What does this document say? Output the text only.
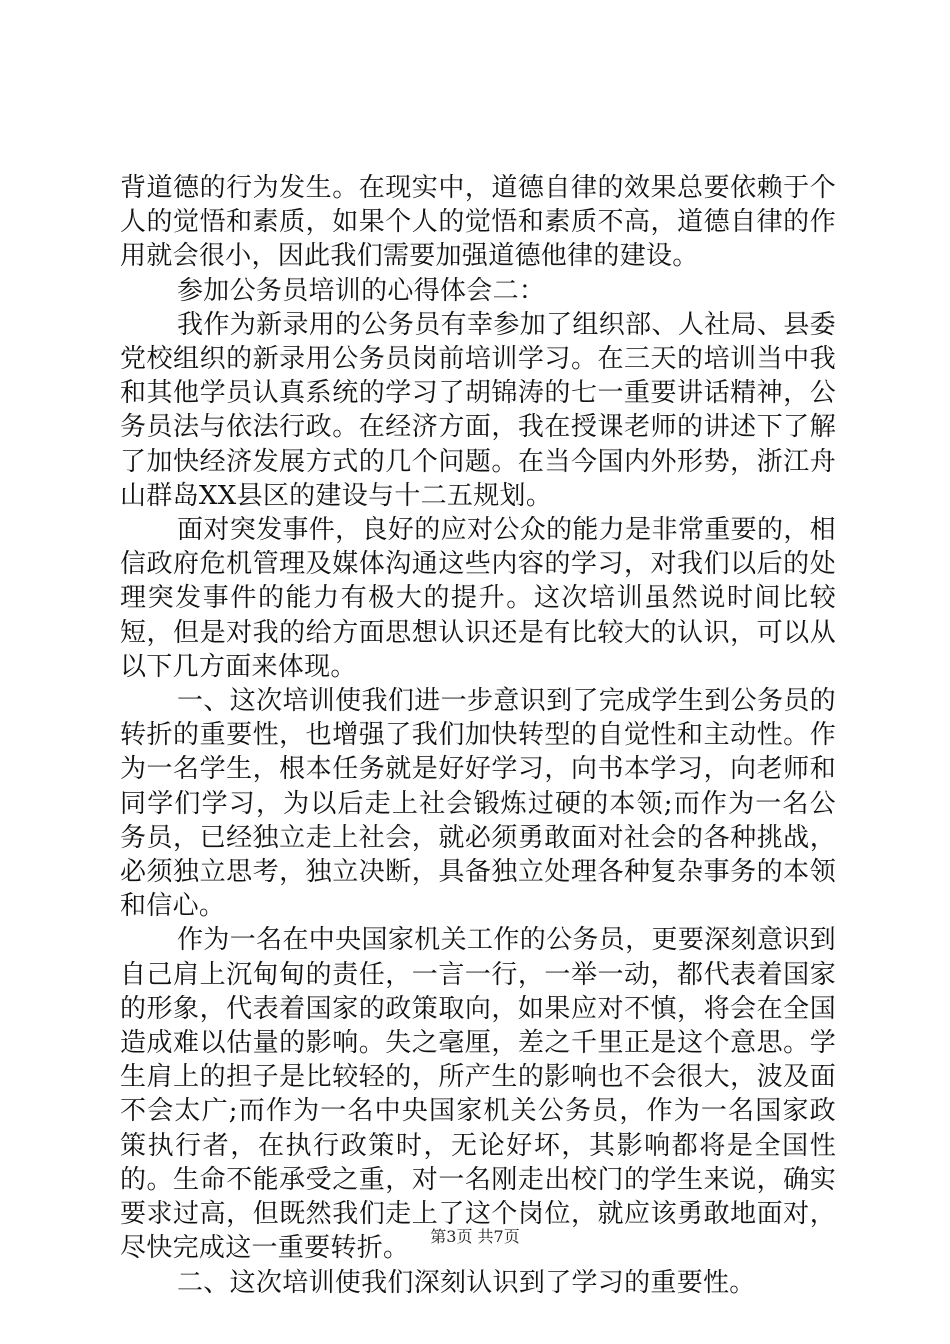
背道德的行为发生。在现实中，道德自律的效果总要依赖于个人的觉悟和素质，如果个人的觉悟和素质不高，道德自律的作用就会很小，因此我们需要加强道德他律的建设。

参加公务员培训的心得体会二：

我作为新录用的公务员有幸参加了组织部、人社局、县委党校组织的新录用公务员岗前培训学习。在三天的培训当中我和其他学员认真系统的学习了胡锦涛的七一重要讲话精神，公务员法与依法行政。在经济方面，我在授课老师的讲述下了解了加快经济发展方式的几个问题。在当今国内外形势，浙江舟山群岛XX县区的建设与十二五规划。

面对突发事件，良好的应对公众的能力是非常重要的，相信政府危机管理及媒体沟通这些内容的学习，对我们以后的处理突发事件的能力有极大的提升。这次培训虽然说时间比较短，但是对我的给方面思想认识还是有比较大的认识，可以从以下几方面来体现。

一、这次培训使我们进一步意识到了完成学生到公务员的转折的重要性，也增强了我们加快转型的自觉性和主动性。作为一名学生，根本任务就是好好学习，向书本学习，向老师和同学们学习，为以后走上社会锻炼过硬的本领;而作为一名公务员，已经独立走上社会，就必须勇敢面对社会的各种挑战，必须独立思考，独立决断，具备独立处理各种复杂事务的本领和信心。

作为一名在中央国家机关工作的公务员，更要深刻意识到自己肩上沉甸甸的责任，一言一行，一举一动，都代表着国家的形象，代表着国家的政策取向，如果应对不慎，将会在全国造成难以估量的影响。失之毫厘，差之千里正是这个意思。学生肩上的担子是比较轻的，所产生的影响也不会很大，波及面不会太广;而作为一名中央国家机关公务员，作为一名国家政策执行者，在执行政策时，无论好坏，其影响都将是全国性的。生命不能承受之重，对一名刚走出校门的学生来说，确实要求过高，但既然我们走上了这个岗位，就应该勇敢地面对，尽快完成这一重要转折。

二、这次培训使我们深刻认识到了学习的重要性。

第3页 共7页
